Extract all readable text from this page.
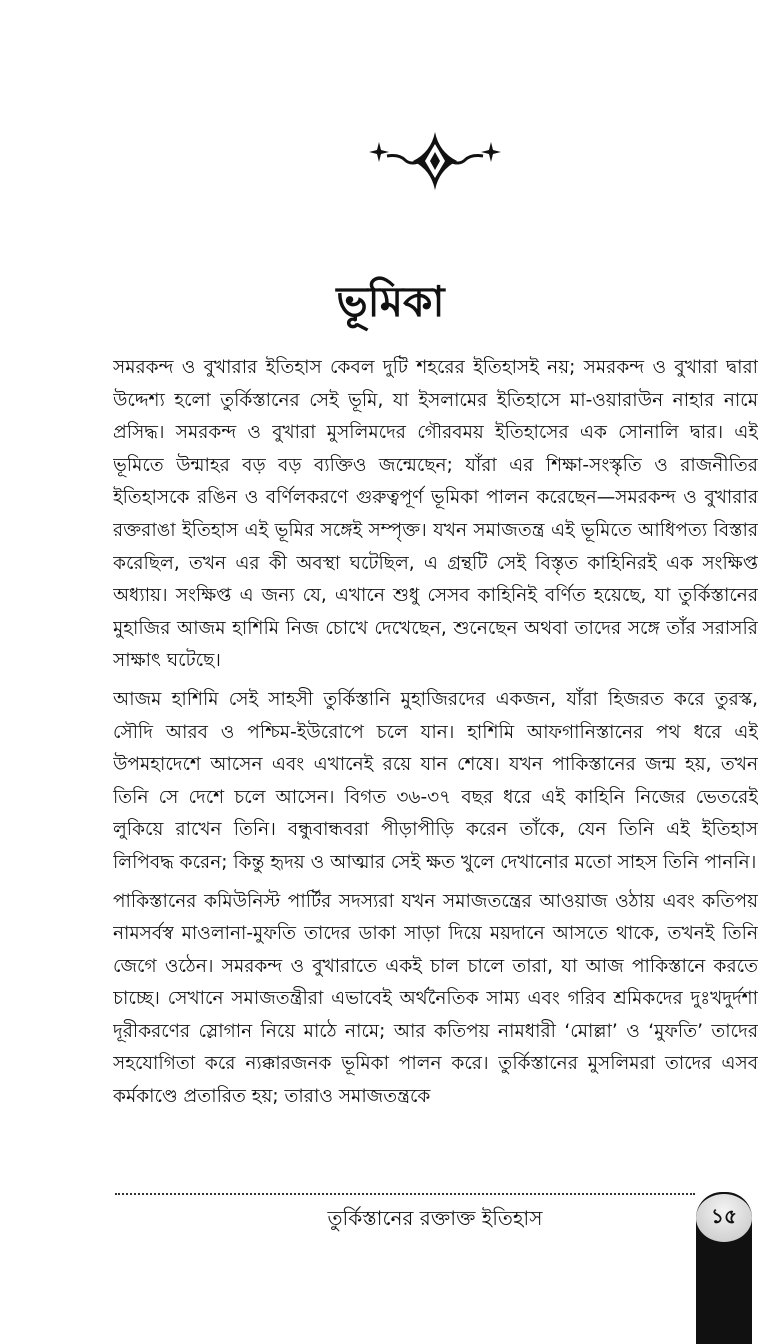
ভূমিকা

সমরকন্দ ও বুখারার ইতিহাস কেবল দুটি শহরের ইতিহাসই নয়; সমরকন্দ ও বুখারা দ্বারা উদ্দেশ্য হলো তুর্কিস্তানের সেই ভূমি, যা ইসলামের ইতিহাসে মা-ওয়ারাউন নাহার নামে প্রসিদ্ধ। সমরকন্দ ও বুখারা মুসলিমদের গৌরবময় ইতিহাসের এক সোনালি দ্বার। এই ভূমিতে উন্মাহর বড় বড় ব্যক্তিও জন্মেছেন; যাঁরা এর শিক্ষা-সংস্কৃতি ও রাজনীতির ইতিহাসকে রঙিন ও বর্ণিলকরণে গুরুত্বপূর্ণ ভূমিকা পালন করেছেন—সমরকন্দ ও বুখারার রক্তরাঙা ইতিহাস এই ভূমির সঙ্গেই সম্পৃক্ত। যখন সমাজতন্ত্র এই ভূমিতে আধিপত্য বিস্তার করেছিল, তখন এর কী অবস্থা ঘটেছিল, এ গ্রন্থটি সেই বিস্তৃত কাহিনিরই এক সংক্ষিপ্ত অধ্যায়। সংক্ষিপ্ত এ জন্য যে, এখানে শুধু সেসব কাহিনিই বর্ণিত হয়েছে, যা তুর্কিস্তানের মুহাজির আজম হাশিমি নিজ চোখে দেখেছেন, শুনেছেন অথবা তাদের সঙ্গে তাঁর সরাসরি সাক্ষাৎ ঘটেছে।

আজম হাশিমি সেই সাহসী তুর্কিস্তানি মুহাজিরদের একজন, যাঁরা হিজরত করে তুরস্ক, সৌদি আরব ও পশ্চিম-ইউরোপে চলে যান। হাশিমি আফগানিস্তানের পথ ধরে এই উপমহাদেশে আসেন এবং এখানেই রয়ে যান শেষে। যখন পাকিস্তানের জন্ম হয়, তখন তিনি সে দেশে চলে আসেন। বিগত ৩৬-৩৭ বছর ধরে এই কাহিনি নিজের ভেতরেই লুকিয়ে রাখেন তিনি। বন্ধুবান্ধবরা পীড়াপীড়ি করেন তাঁকে, যেন তিনি এই ইতিহাস লিপিবদ্ধ করেন; কিন্তু হৃদয় ও আত্মার সেই ক্ষত খুলে দেখানোর মতো সাহস তিনি পাননি।

পাকিস্তানের কমিউনিস্ট পার্টির সদস্যরা যখন সমাজতন্ত্রের আওয়াজ ওঠায় এবং কতিপয় নামসর্বস্ব মাওলানা-মুফতি তাদের ডাকা সাড়া দিয়ে ময়দানে আসতে থাকে, তখনই তিনি জেগে ওঠেন। সমরকন্দ ও বুখারাতে একই চাল চালে তারা, যা আজ পাকিস্তানে করতে চাচ্ছে। সেখানে সমাজতন্ত্রীরা এভাবেই অর্থনৈতিক সাম্য এবং গরিব শ্রমিকদের দুঃখদুর্দশা দূরীকরণের স্লোগান নিয়ে মাঠে নামে; আর কতিপয় নামধারী ‘মোল্লা’ ও ‘মুফতি’ তাদের সহযোগিতা করে ন্যক্কারজনক ভূমিকা পালন করে। তুর্কিস্তানের মুসলিমরা তাদের এসব কর্মকাণ্ডে প্রতারিত হয়; তারাও সমাজতন্ত্রকে

তুর্কিস্তানের রক্তাক্ত ইতিহাস	১৫
